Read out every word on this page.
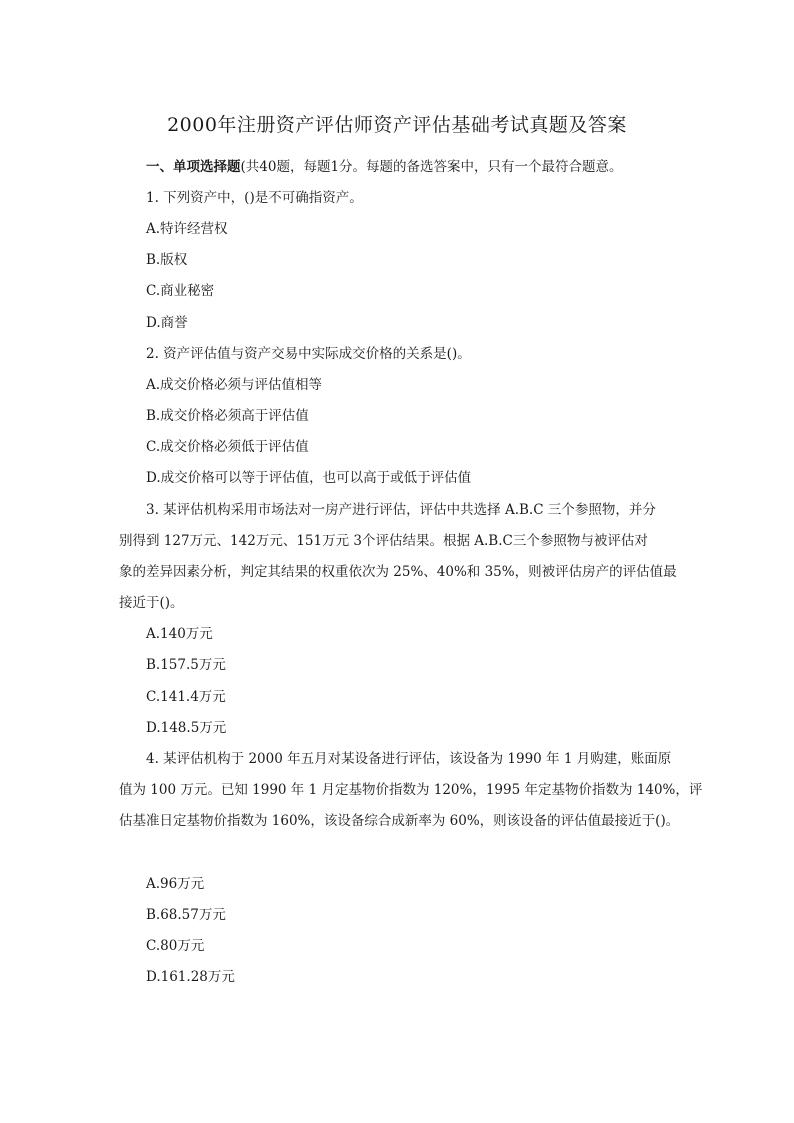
2000年注册资产评估师资产评估基础考试真题及答案
一、单项选择题(共40题，每题1分。每题的备选答案中，只有一个最符合题意。
1. 下列资产中，()是不可确指资产。
A.特许经营权
B.版权
C.商业秘密
D.商誉
2. 资产评估值与资产交易中实际成交价格的关系是()。
A.成交价格必须与评估值相等
B.成交价格必须高于评估值
C.成交价格必须低于评估值
D.成交价格可以等于评估值，也可以高于或低于评估值
3. 某评估机构采用市场法对一房产进行评估，评估中共选择 A.B.C 三个参照物，并分
别得到 127万元、142万元、151万元 3个评估结果。根据 A.B.C三个参照物与被评估对
象的差异因素分析，判定其结果的权重依次为 25%、40%和 35%，则被评估房产的评估值最
接近于()。
A.140万元
B.157.5万元
C.141.4万元
D.148.5万元
4. 某评估机构于 2000 年五月对某设备进行评估，该设备为 1990 年 1 月购建，账面原
值为 100 万元。已知 1990 年 1 月定基物价指数为 120%，1995 年定基物价指数为 140%，评
估基准日定基物价指数为 160%，该设备综合成新率为 60%，则该设备的评估值最接近于()。
A.96万元
B.68.57万元
C.80万元
D.161.28万元
